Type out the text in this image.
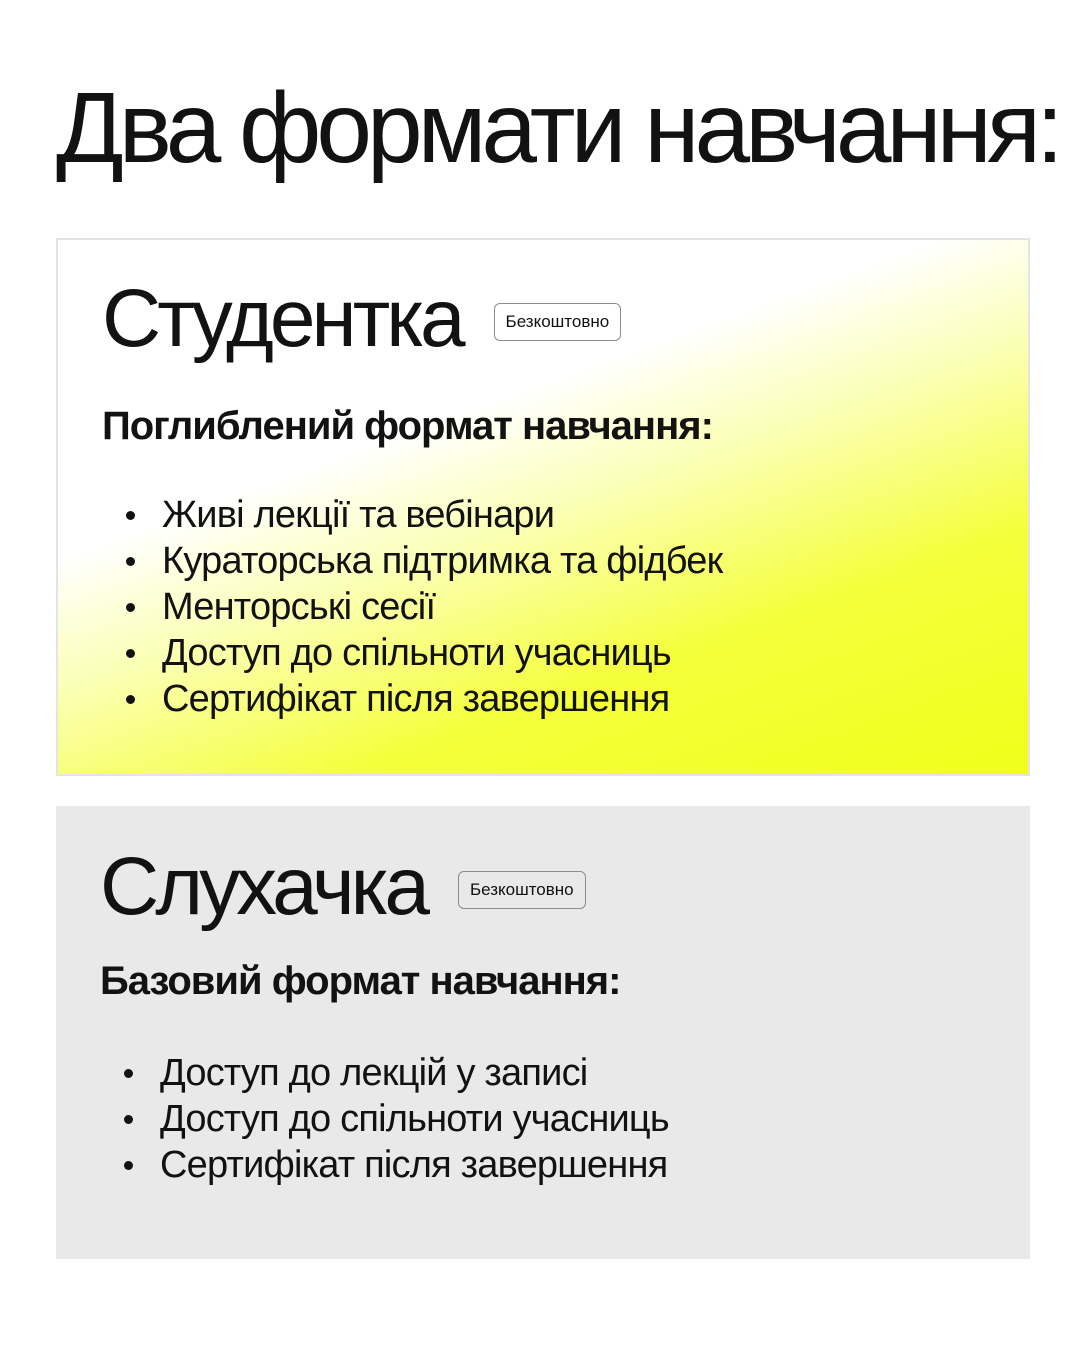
Два формати навчання:
Студентка	Безкоштовно
Поглиблений формат навчання:
Живі лекції та вебінари
Кураторська підтримка та фідбек
Менторські сесії
Доступ до спільноти учасниць
Сертифікат після завершення
Слухачка	Безкоштовно
Базовий формат навчання:
Доступ до лекцій у записі
Доступ до спільноти учасниць
Сертифікат після завершення
